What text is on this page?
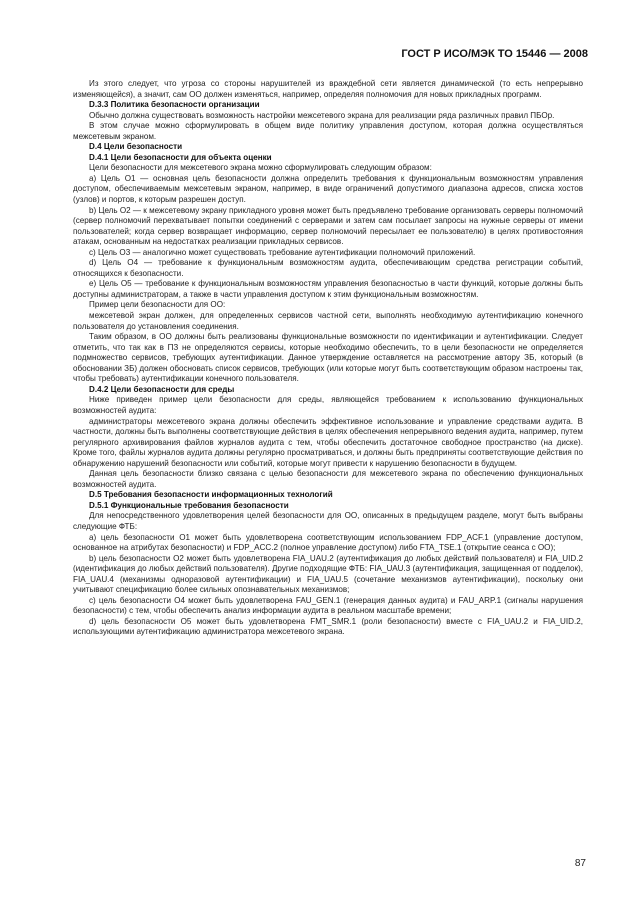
ГОСТ Р ИСО/МЭК ТО 15446 — 2008

Из этого следует, что угроза со стороны нарушителей из враждебной сети является динамической (то есть непрерывно изменяющейся), а значит, сам ОО должен изменяться, например, определяя полномочия для новых прикладных программ.

D.3.3 Политика безопасности организации

Обычно должна существовать возможность настройки межсетевого экрана для реализации ряда различных правил ПБОр.

В этом случае можно сформулировать в общем виде политику управления доступом, которая должна осуществляться межсетевым экраном.

D.4 Цели безопасности

D.4.1 Цели безопасности для объекта оценки

Цели безопасности для межсетевого экрана можно сформулировать следующим образом:

a) Цель О1 — основная цель безопасности должна определить требования к функциональным возможностям управления доступом, обеспечиваемым межсетевым экраном, например, в виде ограничений допустимого диапазона адресов, списка хостов (узлов) и портов, к которым разрешен доступ.

b) Цель О2 — к межсетевому экрану прикладного уровня может быть предъявлено требование организовать серверы полномочий (сервер полномочий перехватывает попытки соединений с серверами и затем сам посылает запросы на нужные серверы от имени пользователей; когда сервер возвращает информацию, сервер полномочий пересылает ее пользователю) в целях противостояния атакам, основанным на недостатках реализации прикладных сервисов.

c) Цель О3 — аналогично может существовать требование аутентификации полномочий приложений.

d) Цель О4 — требование к функциональным возможностям аудита, обеспечивающим средства регистрации событий, относящихся к безопасности.

e) Цель О5 — требование к функциональным возможностям управления безопасностью в части функций, которые должны быть доступны администраторам, а также в части управления доступом к этим функциональным возможностям.

Пример цели безопасности для ОО:

межсетевой экран должен, для определенных сервисов частной сети, выполнять необходимую аутентификацию конечного пользователя до установления соединения.

Таким образом, в ОО должны быть реализованы функциональные возможности по идентификации и аутентификации. Следует отметить, что так как в ПЗ не определяются сервисы, которые необходимо обеспечить, то в цели безопасности не определяется подмножество сервисов, требующих аутентификации. Данное утверждение оставляется на рассмотрение автору ЗБ, который (в обосновании ЗБ) должен обосновать список сервисов, требующих (или которые могут быть соответствующим образом настроены так, чтобы требовать) аутентификации конечного пользователя.

D.4.2 Цели безопасности для среды

Ниже приведен пример цели безопасности для среды, являющейся требованием к использованию функциональных возможностей аудита:

администраторы межсетевого экрана должны обеспечить эффективное использование и управление средствами аудита. В частности, должны быть выполнены соответствующие действия в целях обеспечения непрерывного ведения аудита, например, путем регулярного архивирования файлов журналов аудита с тем, чтобы обеспечить достаточное свободное пространство (на диске). Кроме того, файлы журналов аудита должны регулярно просматриваться, и должны быть предприняты соответствующие действия по обнаружению нарушений безопасности или событий, которые могут привести к нарушению безопасности в будущем.

Данная цель безопасности близко связана с целью безопасности для межсетевого экрана по обеспечению функциональных возможностей аудита.

D.5 Требования безопасности информационных технологий

D.5.1 Функциональные требования безопасности

Для непосредственного удовлетворения целей безопасности для ОО, описанных в предыдущем разделе, могут быть выбраны следующие ФТБ:

a) цель безопасности О1 может быть удовлетворена соответствующим использованием FDP_ACF.1 (управление доступом, основанное на атрибутах безопасности) и FDP_ACC.2 (полное управление доступом) либо FTA_TSE.1 (открытие сеанса с ОО);

b) цель безопасности О2 может быть удовлетворена FIA_UAU.2 (аутентификация до любых действий пользователя) и FIA_UID.2 (идентификация до любых действий пользователя). Другие подходящие ФТБ: FIA_UAU.3 (аутентификация, защищенная от подделок), FIA_UAU.4 (механизмы одноразовой аутентификации) и FIA_UAU.5 (сочетание механизмов аутентификации), поскольку они учитывают спецификацию более сильных опознавательных механизмов;

c) цель безопасности О4 может быть удовлетворена FAU_GEN.1 (генерация данных аудита) и FAU_ARP.1 (сигналы нарушения безопасности) с тем, чтобы обеспечить анализ информации аудита в реальном масштабе времени;

d) цель безопасности О5 может быть удовлетворена FMT_SMR.1 (роли безопасности) вместе с FIA_UAU.2 и FIA_UID.2, использующими аутентификацию администратора межсетевого экрана.

87
